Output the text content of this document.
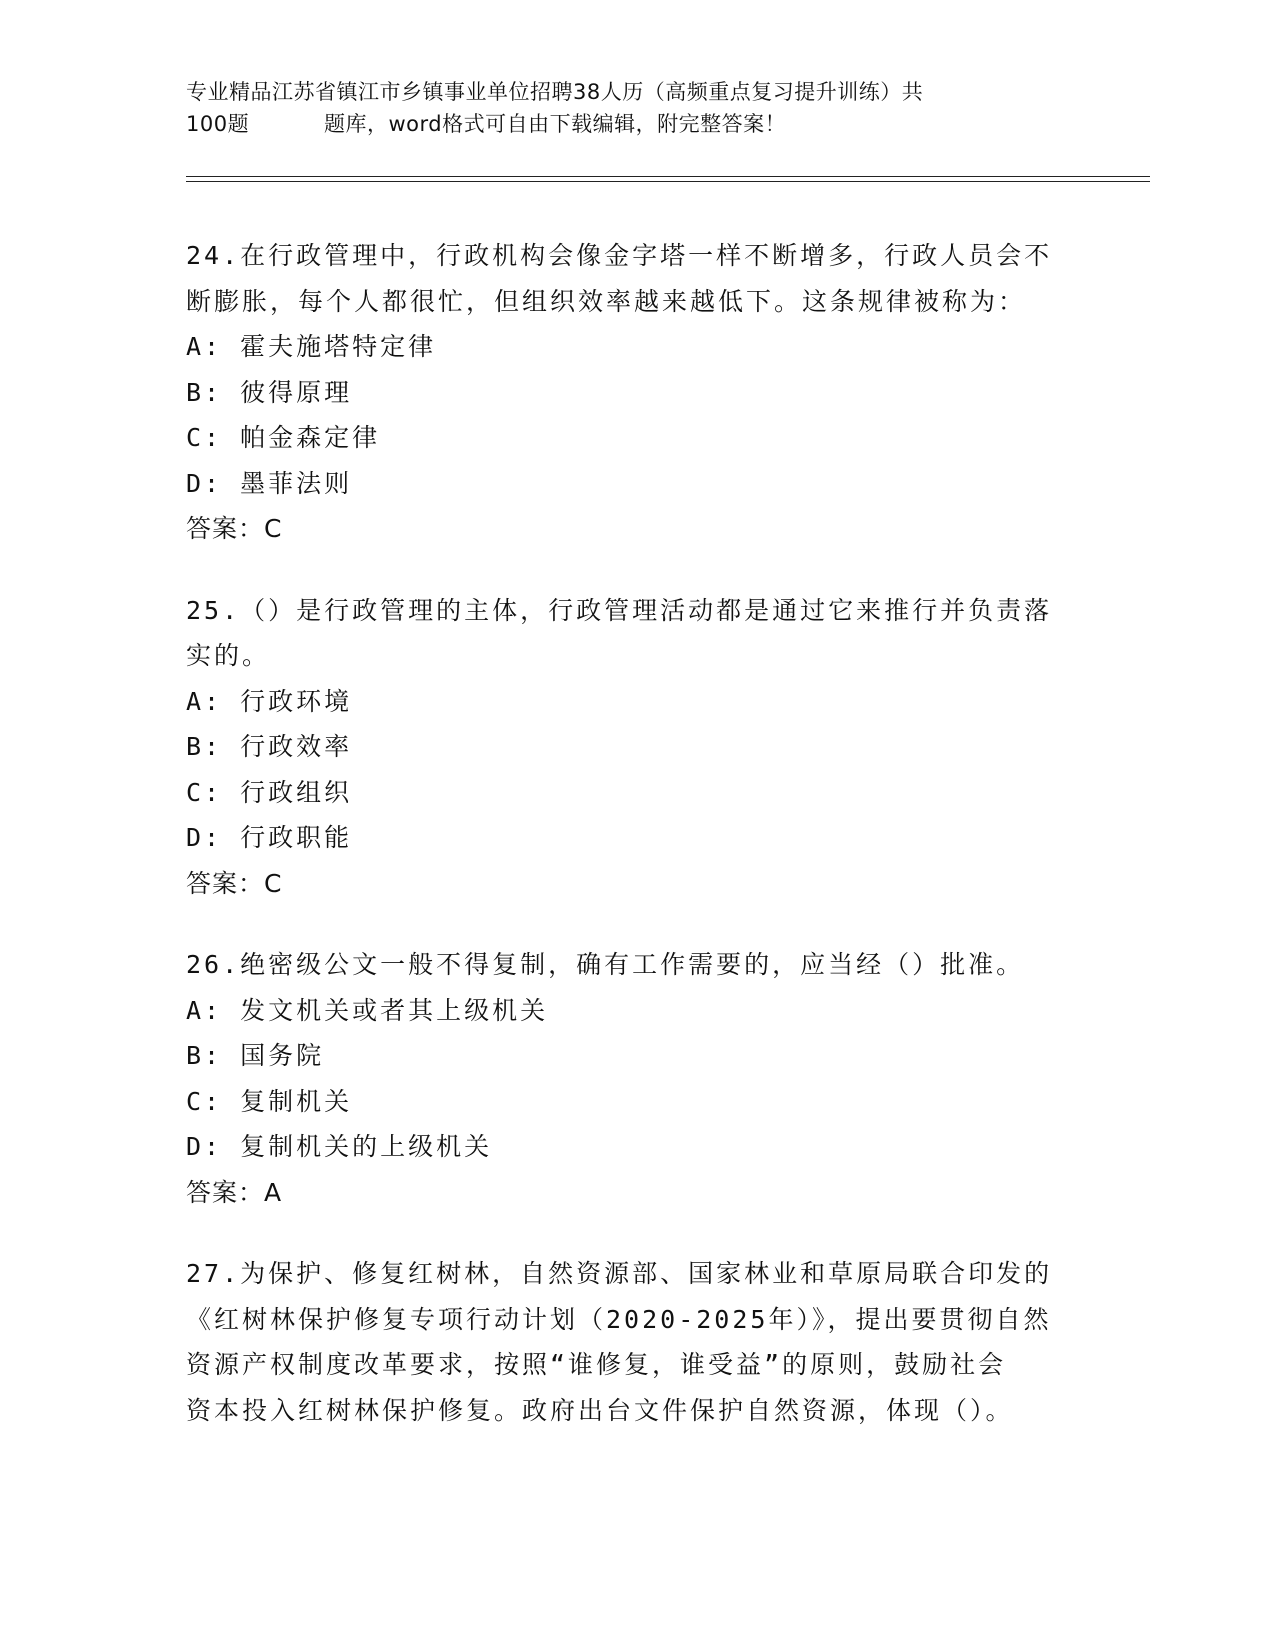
专业精品江苏省镇江市乡镇事业单位招聘38人历（高频重点复习提升训练）共
100题	题库，word格式可自由下载编辑，附完整答案！
24.在行政管理中，行政机构会像金字塔一样不断增多，行政人员会不
断膨胀，每个人都很忙，但组织效率越来越低下。这条规律被称为：
A: 霍夫施塔特定律
B: 彼得原理
C: 帕金森定律
D: 墨菲法则
答案：C
25.（）是行政管理的主体，行政管理活动都是通过它来推行并负责落
实的。
A: 行政环境
B: 行政效率
C: 行政组织
D: 行政职能
答案：C
26.绝密级公文一般不得复制，确有工作需要的，应当经（）批准。
A: 发文机关或者其上级机关
B: 国务院
C: 复制机关
D: 复制机关的上级机关
答案：A
27.为保护、修复红树林，自然资源部、国家林业和草原局联合印发的
《红树林保护修复专项行动计划（2020-2025年）》，提出要贯彻自然
资源产权制度改革要求，按照“谁修复，谁受益”的原则，鼓励社会
资本投入红树林保护修复。政府出台文件保护自然资源，体现（）。
